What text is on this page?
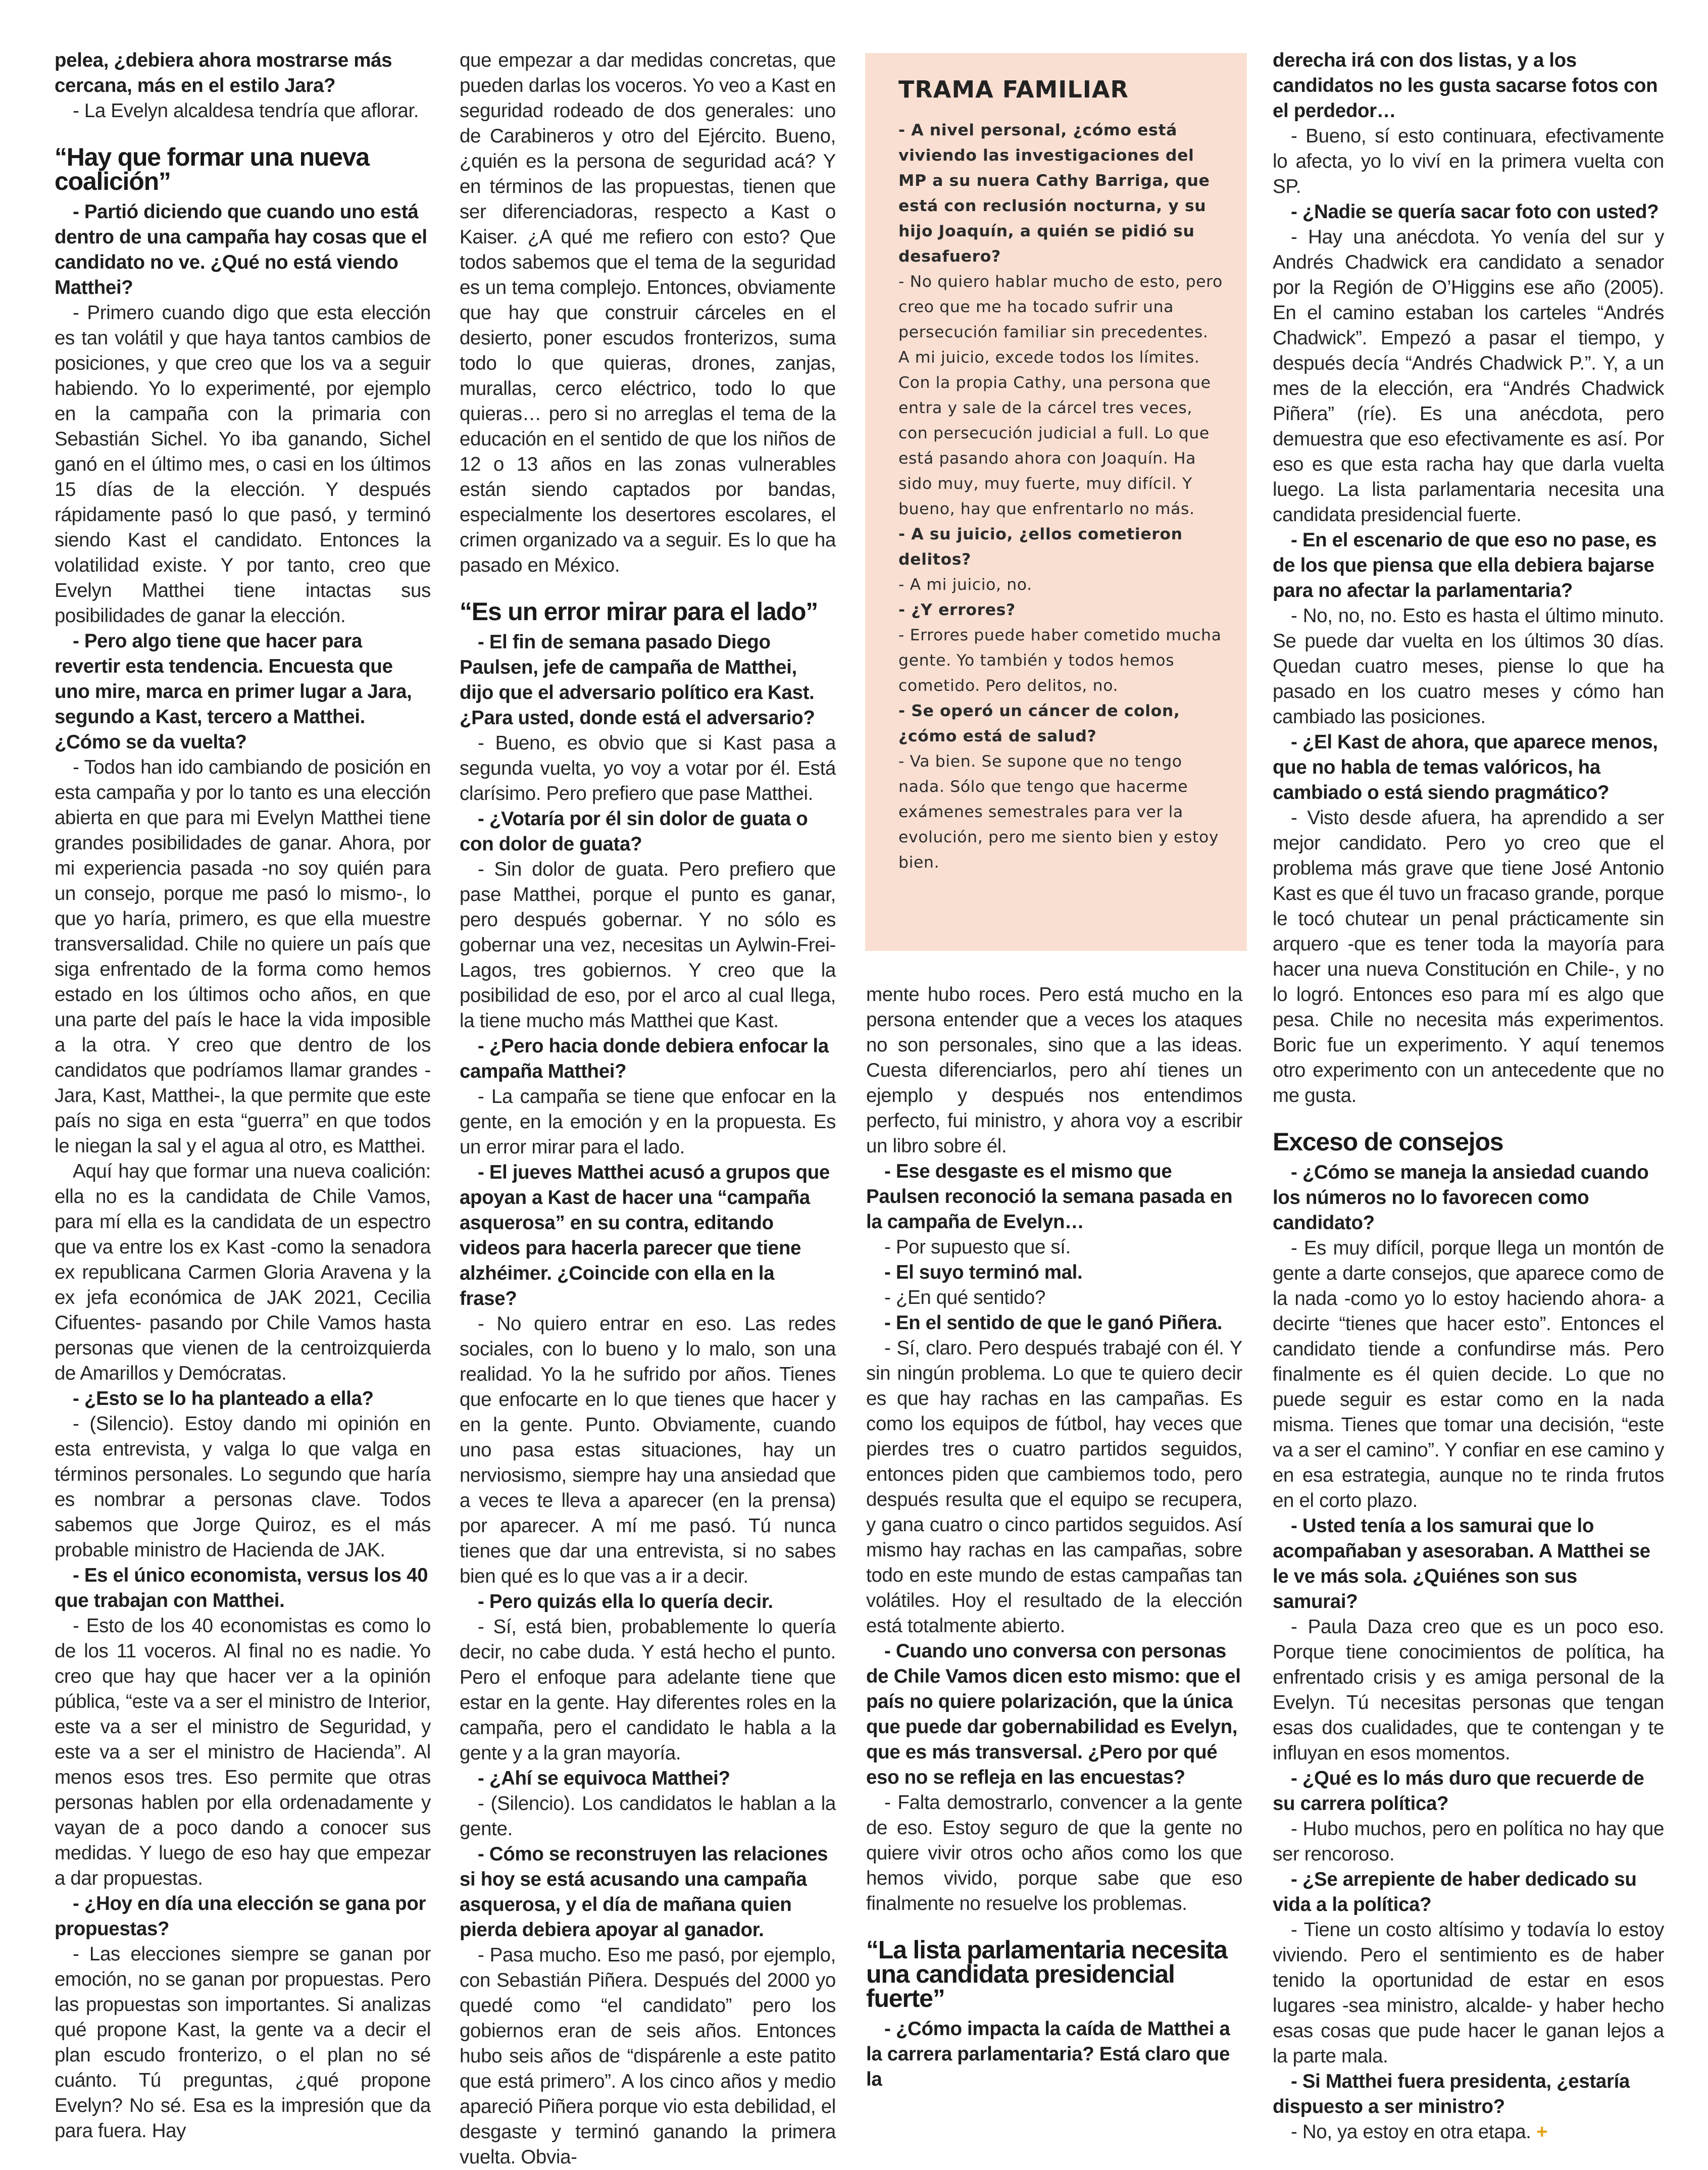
pelea, ¿debiera ahora mostrarse más cercana, más en el estilo Jara?

- La Evelyn alcaldesa tendría que aflorar.

“Hay que formar una nueva coalición”

- Partió diciendo que cuando uno está dentro de una campaña hay cosas que el candidato no ve. ¿Qué no está viendo Matthei?

- Primero cuando digo que esta elección es tan volátil y que haya tantos cambios de posiciones, y que creo que los va a seguir habiendo. Yo lo experimenté, por ejemplo en la campaña con la primaria con Sebastián Sichel. Yo iba ganando, Sichel ganó en el último mes, o casi en los últimos 15 días de la elección. Y después rápidamente pasó lo que pasó, y terminó siendo Kast el candidato. Entonces la volatilidad existe. Y por tanto, creo que Evelyn Matthei tiene intactas sus posibilidades de ganar la elección.

- Pero algo tiene que hacer para revertir esta tendencia. Encuesta que uno mire, marca en primer lugar a Jara, segundo a Kast, tercero a Matthei. ¿Cómo se da vuelta?

- Todos han ido cambiando de posición en esta campaña y por lo tanto es una elección abierta en que para mi Evelyn Matthei tiene grandes posibilidades de ganar. Ahora, por mi experiencia pasada -no soy quién para un consejo, porque me pasó lo mismo-, lo que yo haría, primero, es que ella muestre transversalidad. Chile no quiere un país que siga enfrentado de la forma como hemos estado en los últimos ocho años, en que una parte del país le hace la vida imposible a la otra. Y creo que dentro de los candidatos que podríamos llamar grandes -Jara, Kast, Matthei-, la que permite que este país no siga en esta “guerra” en que todos le niegan la sal y el agua al otro, es Matthei.

Aquí hay que formar una nueva coalición: ella no es la candidata de Chile Vamos, para mí ella es la candidata de un espectro que va entre los ex Kast -como la senadora ex republicana Carmen Gloria Aravena y la ex jefa económica de JAK 2021, Cecilia Cifuentes- pasando por Chile Vamos hasta personas que vienen de la centroizquierda de Amarillos y Demócratas.

- ¿Esto se lo ha planteado a ella?

- (Silencio). Estoy dando mi opinión en esta entrevista, y valga lo que valga en términos personales. Lo segundo que haría es nombrar a personas clave. Todos sabemos que Jorge Quiroz, es el más probable ministro de Hacienda de JAK.

- Es el único economista, versus los 40 que trabajan con Matthei.

- Esto de los 40 economistas es como lo de los 11 voceros. Al final no es nadie. Yo creo que hay que hacer ver a la opinión pública, “este va a ser el ministro de Interior, este va a ser el ministro de Seguridad, y este va a ser el ministro de Hacienda”. Al menos esos tres. Eso permite que otras personas hablen por ella ordenadamente y vayan de a poco dando a conocer sus medidas. Y luego de eso hay que empezar a dar propuestas.

- ¿Hoy en día una elección se gana por propuestas?

- Las elecciones siempre se ganan por emoción, no se ganan por propuestas. Pero las propuestas son importantes. Si analizas qué propone Kast, la gente va a decir el plan escudo fronterizo, o el plan no sé cuánto. Tú preguntas, ¿qué propone Evelyn? No sé. Esa es la impresión que da para fuera. Hay

que empezar a dar medidas concretas, que pueden darlas los voceros. Yo veo a Kast en seguridad rodeado de dos generales: uno de Carabineros y otro del Ejército. Bueno, ¿quién es la persona de seguridad acá? Y en términos de las propuestas, tienen que ser diferenciadoras, respecto a Kast o Kaiser. ¿A qué me refiero con esto? Que todos sabemos que el tema de la seguridad es un tema complejo. Entonces, obviamente que hay que construir cárceles en el desierto, poner escudos fronterizos, suma todo lo que quieras, drones, zanjas, murallas, cerco eléctrico, todo lo que quieras… pero si no arreglas el tema de la educación en el sentido de que los niños de 12 o 13 años en las zonas vulnerables están siendo captados por bandas, especialmente los desertores escolares, el crimen organizado va a seguir. Es lo que ha pasado en México.

“Es un error mirar para el lado”

- El fin de semana pasado Diego Paulsen, jefe de campaña de Matthei, dijo que el adversario político era Kast. ¿Para usted, donde está el adversario?

- Bueno, es obvio que si Kast pasa a segunda vuelta, yo voy a votar por él. Está clarísimo. Pero prefiero que pase Matthei.

- ¿Votaría por él sin dolor de guata o con dolor de guata?

- Sin dolor de guata. Pero prefiero que pase Matthei, porque el punto es ganar, pero después gobernar. Y no sólo es gobernar una vez, necesitas un Aylwin-Frei-Lagos, tres gobiernos. Y creo que la posibilidad de eso, por el arco al cual llega, la tiene mucho más Matthei que Kast.

- ¿Pero hacia donde debiera enfocar la campaña Matthei?

- La campaña se tiene que enfocar en la gente, en la emoción y en la propuesta. Es un error mirar para el lado.

- El jueves Matthei acusó a grupos que apoyan a Kast de hacer una “campaña asquerosa” en su contra, editando videos para hacerla parecer que tiene alzhéimer. ¿Coincide con ella en la frase?

- No quiero entrar en eso. Las redes sociales, con lo bueno y lo malo, son una realidad. Yo la he sufrido por años. Tienes que enfocarte en lo que tienes que hacer y en la gente. Punto. Obviamente, cuando uno pasa estas situaciones, hay un nerviosismo, siempre hay una ansiedad que a veces te lleva a aparecer (en la prensa) por aparecer. A mí me pasó. Tú nunca tienes que dar una entrevista, si no sabes bien qué es lo que vas a ir a decir.

- Pero quizás ella lo quería decir.

- Sí, está bien, probablemente lo quería decir, no cabe duda. Y está hecho el punto. Pero el enfoque para adelante tiene que estar en la gente. Hay diferentes roles en la campaña, pero el candidato le habla a la gente y a la gran mayoría.

- ¿Ahí se equivoca Matthei?

- (Silencio). Los candidatos le hablan a la gente.

- Cómo se reconstruyen las relaciones si hoy se está acusando una campaña asquerosa, y el día de mañana quien pierda debiera apoyar al ganador.

- Pasa mucho. Eso me pasó, por ejemplo, con Sebastián Piñera. Después del 2000 yo quedé como “el candidato” pero los gobiernos eran de seis años. Entonces hubo seis años de “dispárenle a este patito que está primero”. A los cinco años y medio apareció Piñera porque vio esta debilidad, el desgaste y terminó ganando la primera vuelta. Obvia-

TRAMA FAMILIAR

- A nivel personal, ¿cómo está viviendo las investigaciones del MP a su nuera Cathy Barriga, que está con reclusión nocturna, y su hijo Joaquín, a quién se pidió su desafuero?

- No quiero hablar mucho de esto, pero creo que me ha tocado sufrir una persecución familiar sin precedentes. A mi juicio, excede todos los límites. Con la propia Cathy, una persona que entra y sale de la cárcel tres veces, con persecución judicial a full. Lo que está pasando ahora con Joaquín. Ha sido muy, muy fuerte, muy difícil. Y bueno, hay que enfrentarlo no más.

- A su juicio, ¿ellos cometieron delitos?

- A mi juicio, no.

- ¿Y errores?

- Errores puede haber cometido mucha gente. Yo también y todos hemos cometido. Pero delitos, no.

- Se operó un cáncer de colon, ¿cómo está de salud?

- Va bien. Se supone que no tengo nada. Sólo que tengo que hacerme exámenes semestrales para ver la evolución, pero me siento bien y estoy bien.

mente hubo roces. Pero está mucho en la persona entender que a veces los ataques no son personales, sino que a las ideas. Cuesta diferenciarlos, pero ahí tienes un ejemplo y después nos entendimos perfecto, fui ministro, y ahora voy a escribir un libro sobre él.

- Ese desgaste es el mismo que Paulsen reconoció la semana pasada en la campaña de Evelyn…

- Por supuesto que sí.

- El suyo terminó mal.

- ¿En qué sentido?

- En el sentido de que le ganó Piñera.

- Sí, claro. Pero después trabajé con él. Y sin ningún problema. Lo que te quiero decir es que hay rachas en las campañas. Es como los equipos de fútbol, hay veces que pierdes tres o cuatro partidos seguidos, entonces piden que cambiemos todo, pero después resulta que el equipo se recupera, y gana cuatro o cinco partidos seguidos. Así mismo hay rachas en las campañas, sobre todo en este mundo de estas campañas tan volátiles. Hoy el resultado de la elección está totalmente abierto.

- Cuando uno conversa con personas de Chile Vamos dicen esto mismo: que el país no quiere polarización, que la única que puede dar gobernabilidad es Evelyn, que es más transversal. ¿Pero por qué eso no se refleja en las encuestas?

- Falta demostrarlo, convencer a la gente de eso. Estoy seguro de que la gente no quiere vivir otros ocho años como los que hemos vivido, porque sabe que eso finalmente no resuelve los problemas.

“La lista parlamentaria necesita una candidata presidencial fuerte”

- ¿Cómo impacta la caída de Matthei a la carrera parlamentaria? Está claro que la

derecha irá con dos listas, y a los candidatos no les gusta sacarse fotos con el perdedor…

- Bueno, sí esto continuara, efectivamente lo afecta, yo lo viví en la primera vuelta con SP.

- ¿Nadie se quería sacar foto con usted?

- Hay una anécdota. Yo venía del sur y Andrés Chadwick era candidato a senador por la Región de O’Higgins ese año (2005). En el camino estaban los carteles “Andrés Chadwick”. Empezó a pasar el tiempo, y después decía “Andrés Chadwick P.”. Y, a un mes de la elección, era “Andrés Chadwick Piñera” (ríe). Es una anécdota, pero demuestra que eso efectivamente es así. Por eso es que esta racha hay que darla vuelta luego. La lista parlamentaria necesita una candidata presidencial fuerte.

- En el escenario de que eso no pase, es de los que piensa que ella debiera bajarse para no afectar la parlamentaria?

- No, no, no. Esto es hasta el último minuto. Se puede dar vuelta en los últimos 30 días. Quedan cuatro meses, piense lo que ha pasado en los cuatro meses y cómo han cambiado las posiciones.

- ¿El Kast de ahora, que aparece menos, que no habla de temas valóricos, ha cambiado o está siendo pragmático?

- Visto desde afuera, ha aprendido a ser mejor candidato. Pero yo creo que el problema más grave que tiene José Antonio Kast es que él tuvo un fracaso grande, porque le tocó chutear un penal prácticamente sin arquero -que es tener toda la mayoría para hacer una nueva Constitución en Chile-, y no lo logró. Entonces eso para mí es algo que pesa. Chile no necesita más experimentos. Boric fue un experimento. Y aquí tenemos otro experimento con un antecedente que no me gusta.

Exceso de consejos

- ¿Cómo se maneja la ansiedad cuando los números no lo favorecen como candidato?

- Es muy difícil, porque llega un montón de gente a darte consejos, que aparece como de la nada -como yo lo estoy haciendo ahora- a decirte “tienes que hacer esto”. Entonces el candidato tiende a confundirse más. Pero finalmente es él quien decide. Lo que no puede seguir es estar como en la nada misma. Tienes que tomar una decisión, “este va a ser el camino”. Y confiar en ese camino y en esa estrategia, aunque no te rinda frutos en el corto plazo.

- Usted tenía a los samurai que lo acompañaban y asesoraban. A Matthei se le ve más sola. ¿Quiénes son sus samurai?

- Paula Daza creo que es un poco eso. Porque tiene conocimientos de política, ha enfrentado crisis y es amiga personal de la Evelyn. Tú necesitas personas que tengan esas dos cualidades, que te contengan y te influyan en esos momentos.

- ¿Qué es lo más duro que recuerde de su carrera política?

- Hubo muchos, pero en política no hay que ser rencoroso.

- ¿Se arrepiente de haber dedicado su vida a la política?

- Tiene un costo altísimo y todavía lo estoy viviendo. Pero el sentimiento es de haber tenido la oportunidad de estar en esos lugares -sea ministro, alcalde- y haber hecho esas cosas que pude hacer le ganan lejos a la parte mala.

- Si Matthei fuera presidenta, ¿estaría dispuesto a ser ministro?

- No, ya estoy en otra etapa. +
